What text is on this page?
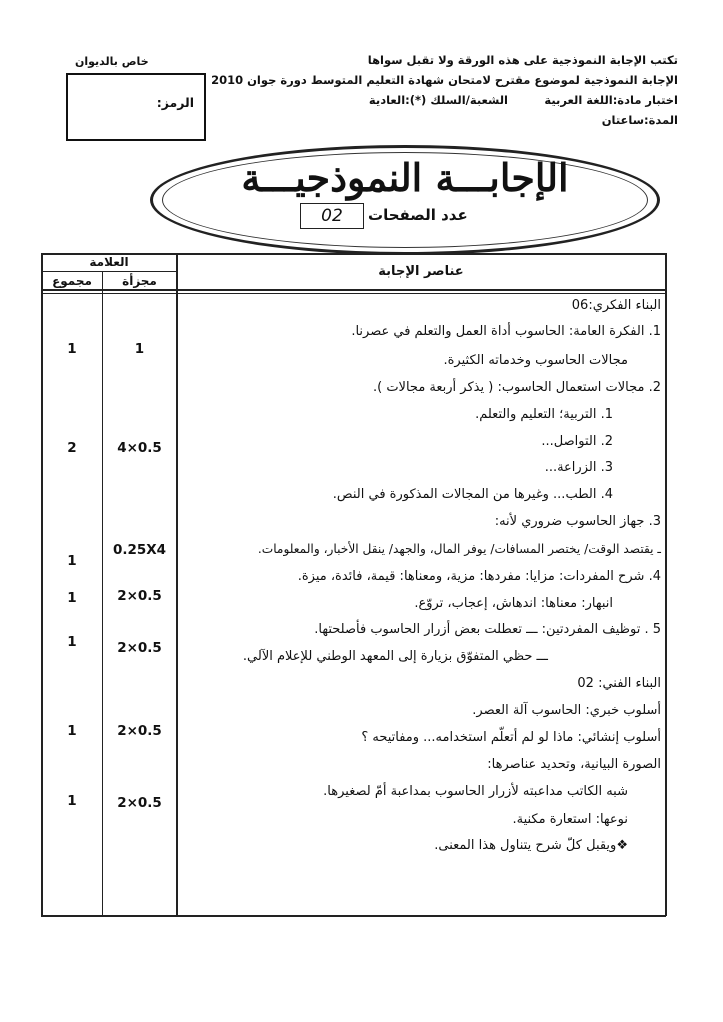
تكتب الإجابة النموذجية على هذه الورقة ولا تقبل سواها
الإجابة النموذجية لموضوع مقترح لامتحان شهادة التعليم المتوسط دورة جوان 2010
اختبار مادة:اللغة العربية
الشعبة/السلك (*):العادية
المدة:ساعتان
خاص بالديوان
الرمز:
الإجابـــة النموذجيـــة
عدد الصفحات
02
عناصر الإجابة
العلامة
مجزأة
مجموع
البناء الفكري:06
1. الفكرة العامة: الحاسوب أداة العمل والتعلم في عصرنا.
مجالات الحاسوب وخدماته الكثيرة.
2. مجالات استعمال الحاسوب: ( يذكر أربعة مجالات ).
1. التربية؛ التعليم والتعلم.
2. التواصل...
3. الزراعة...
4. الطب... وغيرها من المجالات المذكورة في النص.
3. جهاز الحاسوب ضروري لأنه:
ـ يقتصد الوقت/ يختصر المسافات/ يوفر المال، والجهد/ ينقل الأخبار، والمعلومات.
4. شرح المفردات: مزايا: مفردها: مزية، ومعناها: قيمة، فائدة، ميزة.
انبهار: معناها: اندهاش، إعجاب، تروّع.
5 . توظيف المفردتين: ـــ تعطلت بعض أزرار الحاسوب فأصلحتها.
ـــ حظي المتفوّق بزيارة إلى المعهد الوطني للإعلام الآلي.
البناء الفني: 02
أسلوب خبري: الحاسوب آلة العصر.
أسلوب إنشائي: ماذا لو لم أتعلّم استخدامه... ومفاتيحه ؟
الصورة البيانية، وتحديد عناصرها:
شبه الكاتب مداعبته لأزرار الحاسوب بمداعبة أمّ لصغيرها.
نوعها: استعارة مكنية.
❖ويقبل كلّ شرح يتناول هذا المعنى.
1
1
4×0.5
2
0.25X4
1
2×0.5
1
2×0.5
1
2×0.5
1
2×0.5
1
